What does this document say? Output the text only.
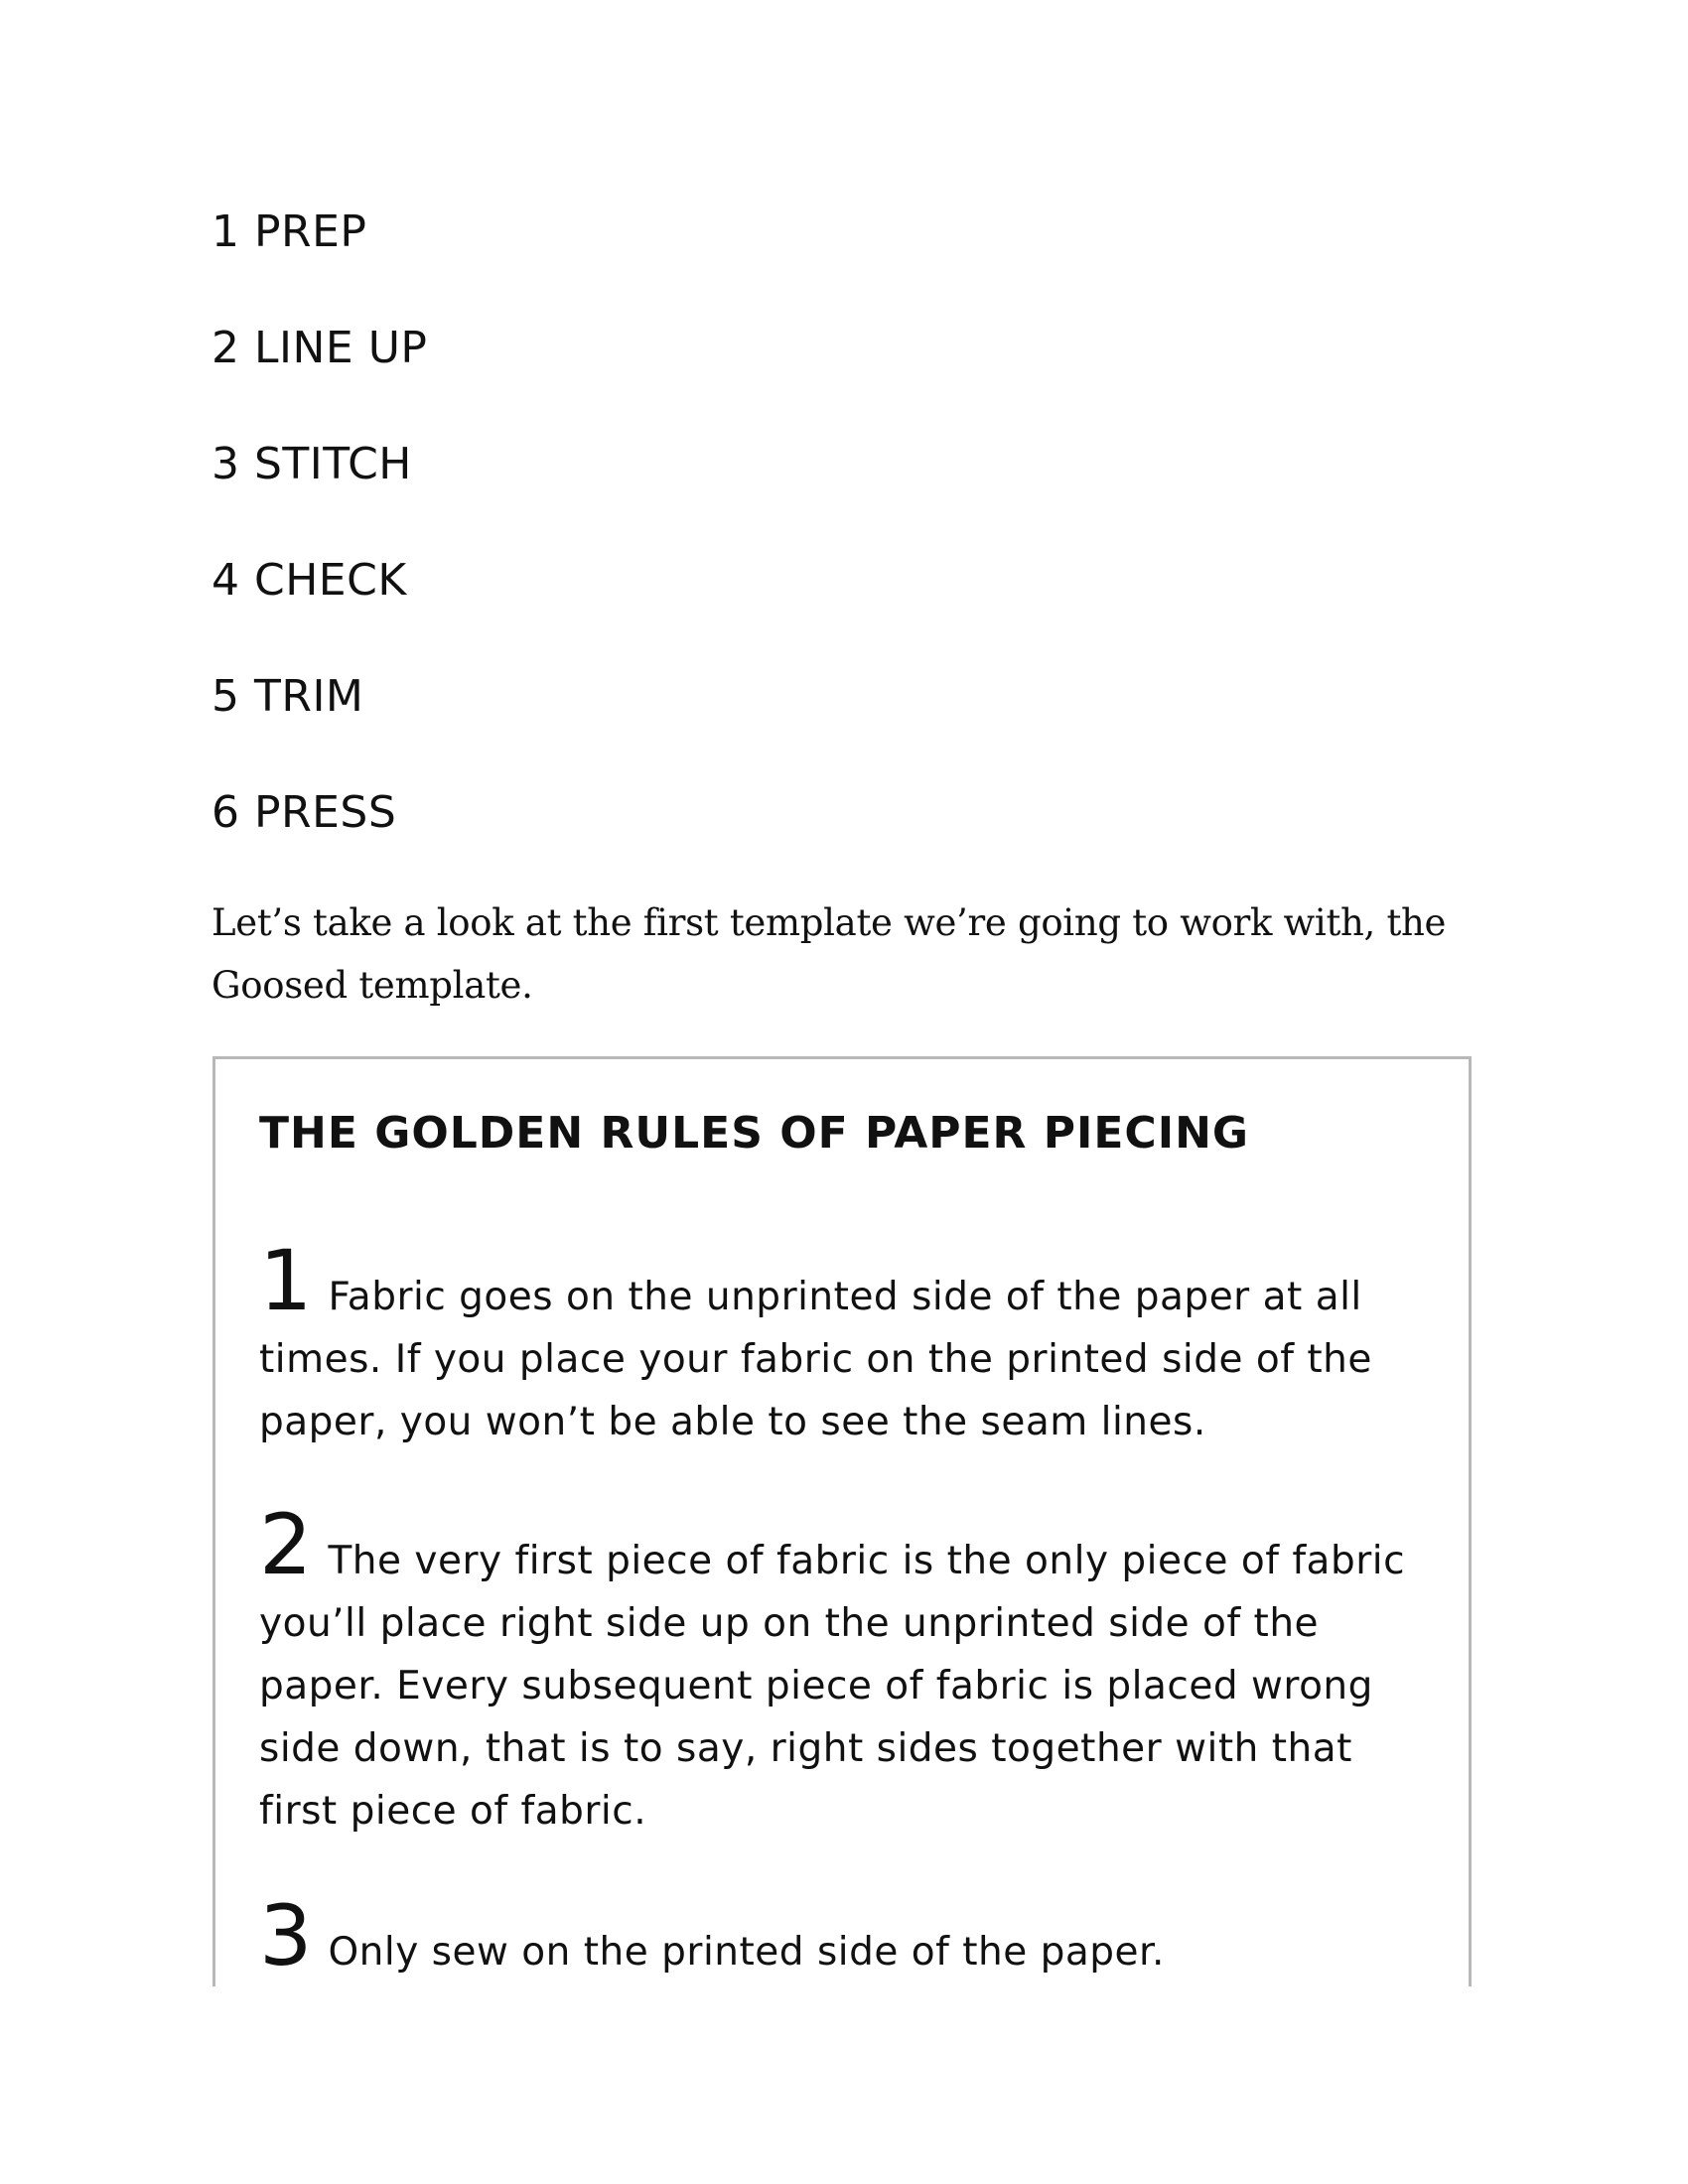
1 PREP
2 LINE UP
3 STITCH
4 CHECK
5 TRIM
6 PRESS

Let’s take a look at the first template we’re going to work with, the Goosed template.

THE GOLDEN RULES OF PAPER PIECING

1 Fabric goes on the unprinted side of the paper at all times. If you place your fabric on the printed side of the paper, you won’t be able to see the seam lines.

2 The very first piece of fabric is the only piece of fabric you’ll place right side up on the unprinted side of the paper. Every subsequent piece of fabric is placed wrong side down, that is to say, right sides together with that first piece of fabric.

3 Only sew on the printed side of the paper.
